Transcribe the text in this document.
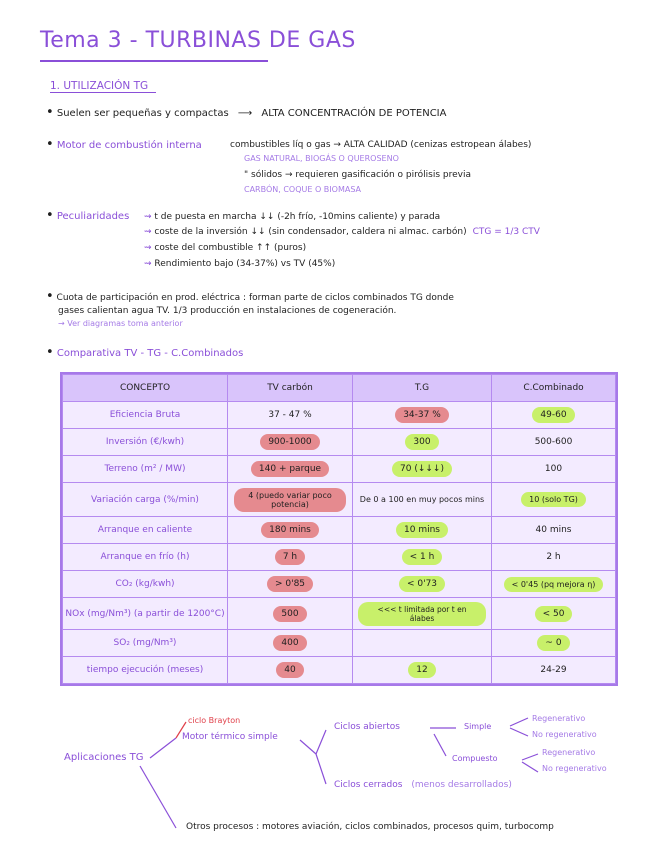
Tema 3 - TURBINAS DE GAS
1. UTILIZACIÓN TG
• Suelen ser pequeñas y compactas ⟶ ALTA CONCENTRACIÓN DE POTENCIA
• Motor de combustión interna	combustibles líq o gas → ALTA CALIDAD (cenizas estropean álabes)
GAS NATURAL, BIOGÁS O QUEROSENO
" sólidos → requieren gasificación o pirólisis previa
CARBÓN, COQUE O BIOMASA
• Peculiaridades ⇝ t de puesta en marcha ↓↓ (-2h frío, -10mins caliente) y parada
⇝ coste de la inversión ↓↓ (sin condensador, caldera ni almac. carbón) CTG = 1/3 CTV
⇝ coste del combustible ↑↑ (puros)
⇝ Rendimiento bajo (34-37%) vs TV (45%)
• Cuota de participación en prod. eléctrica : forman parte de ciclos combinados TG donde
gases calientan agua TV. 1/3 producción en instalaciones de cogeneración.
→ Ver diagramas toma anterior
• Comparativa TV - TG - C.Combinados
CONCEPTO	TV carbón	T.G	C.Combinado
Eficiencia Bruta	37 - 47 %	34-37 %	49-60
Inversión (€/kwh)	900-1000	300	500-600
Terreno (m² / MW)	140 + parque	70 (↓↓↓)	100
Variación carga (%/min)	4 (puedo variar poco potencia)	De 0 a 100 en muy pocos mins	10 (solo TG)
Arranque en caliente	180 mins	10 mins	40 mins
Arranque en frío (h)	7 h	< 1 h	2 h
CO₂ (kg/kwh)	> 0'85	< 0'73	< 0'45 (pq mejora η)
NOx (mg/Nm³) (a partir de 1200°C)	500	<<< t limitada por t en álabes	< 50
SO₂ (mg/Nm³)	400		~ 0
tiempo ejecución (meses)	40	12	24-29
Aplicaciones TG
ciclo Brayton
Motor térmico simple
Ciclos abiertos	Simple
Regenerativo
No regenerativo
Compuesto
Regenerativo
No regenerativo
Ciclos cerrados (menos desarrollados)
Otros procesos : motores aviación, ciclos combinados, procesos quim, turbocomp
